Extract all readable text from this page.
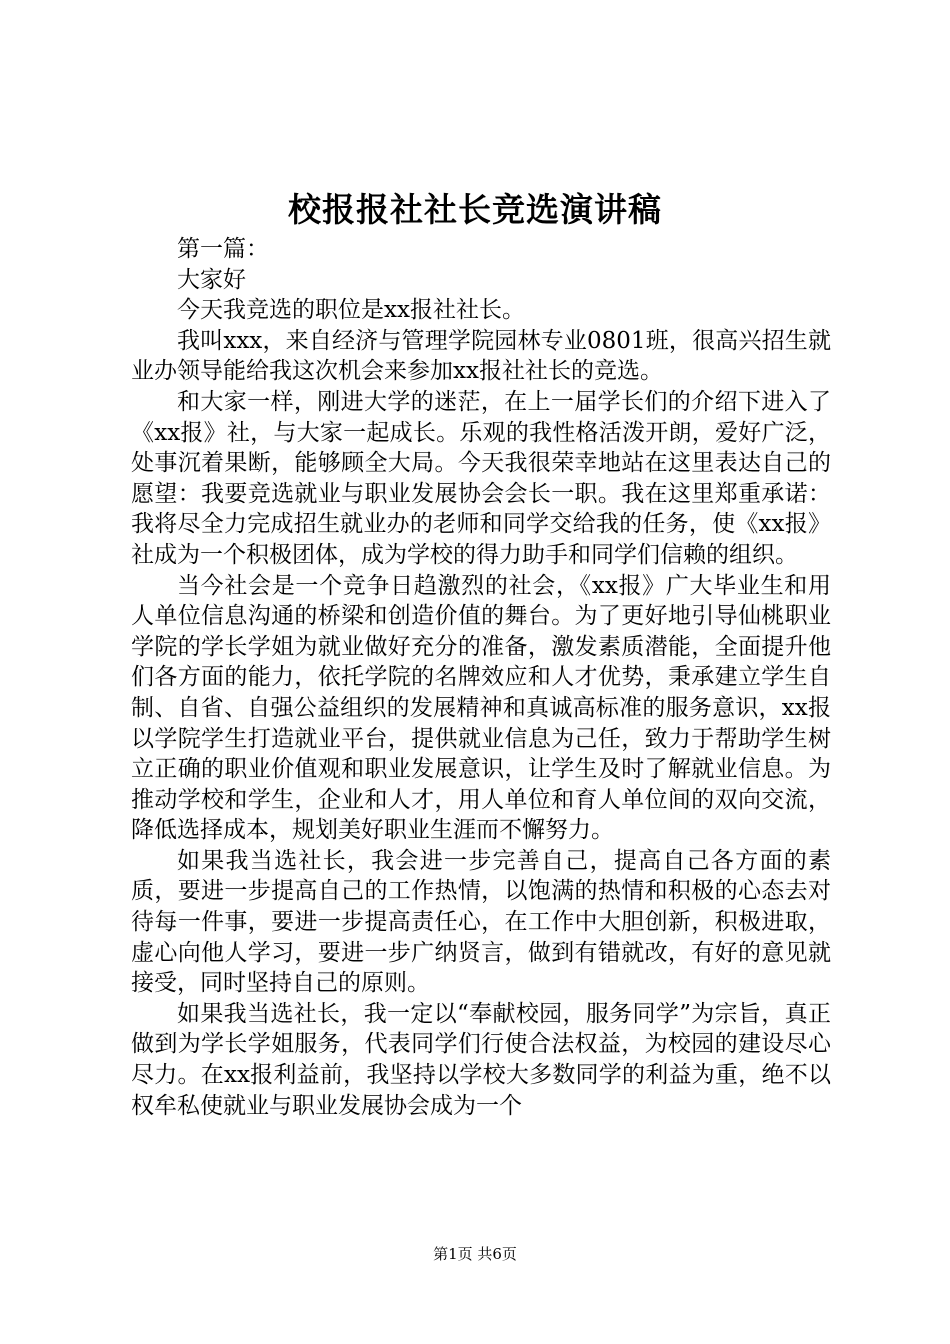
校报报社社长竞选演讲稿

第一篇：

大家好

今天我竞选的职位是xx报社社长。

我叫xxx，来自经济与管理学院园林专业0801班，很高兴招生就业办领导能给我这次机会来参加xx报社社长的竞选。

和大家一样，刚进大学的迷茫，在上一届学长们的介绍下进入了《xx报》社，与大家一起成长。乐观的我性格活泼开朗，爱好广泛，处事沉着果断，能够顾全大局。今天我很荣幸地站在这里表达自己的愿望：我要竞选就业与职业发展协会会长一职。我在这里郑重承诺：我将尽全力完成招生就业办的老师和同学交给我的任务，使《xx报》社成为一个积极团体，成为学校的得力助手和同学们信赖的组织。

当今社会是一个竞争日趋激烈的社会，《xx报》广大毕业生和用人单位信息沟通的桥梁和创造价值的舞台。为了更好地引导仙桃职业学院的学长学姐为就业做好充分的准备，激发素质潜能，全面提升他们各方面的能力，依托学院的名牌效应和人才优势，秉承建立学生自制、自省、自强公益组织的发展精神和真诚高标准的服务意识，xx报以学院学生打造就业平台，提供就业信息为己任，致力于帮助学生树立正确的职业价值观和职业发展意识，让学生及时了解就业信息。为推动学校和学生，企业和人才，用人单位和育人单位间的双向交流，降低选择成本，规划美好职业生涯而不懈努力。

如果我当选社长，我会进一步完善自己，提高自己各方面的素质，要进一步提高自己的工作热情，以饱满的热情和积极的心态去对待每一件事，要进一步提高责任心，在工作中大胆创新，积极进取，虚心向他人学习，要进一步广纳贤言，做到有错就改，有好的意见就接受，同时坚持自己的原则。

如果我当选社长，我一定以“奉献校园，服务同学”为宗旨，真正做到为学长学姐服务，代表同学们行使合法权益，为校园的建设尽心尽力。在xx报利益前，我坚持以学校大多数同学的利益为重，绝不以权牟私使就业与职业发展协会成为一个

第1页 共6页
